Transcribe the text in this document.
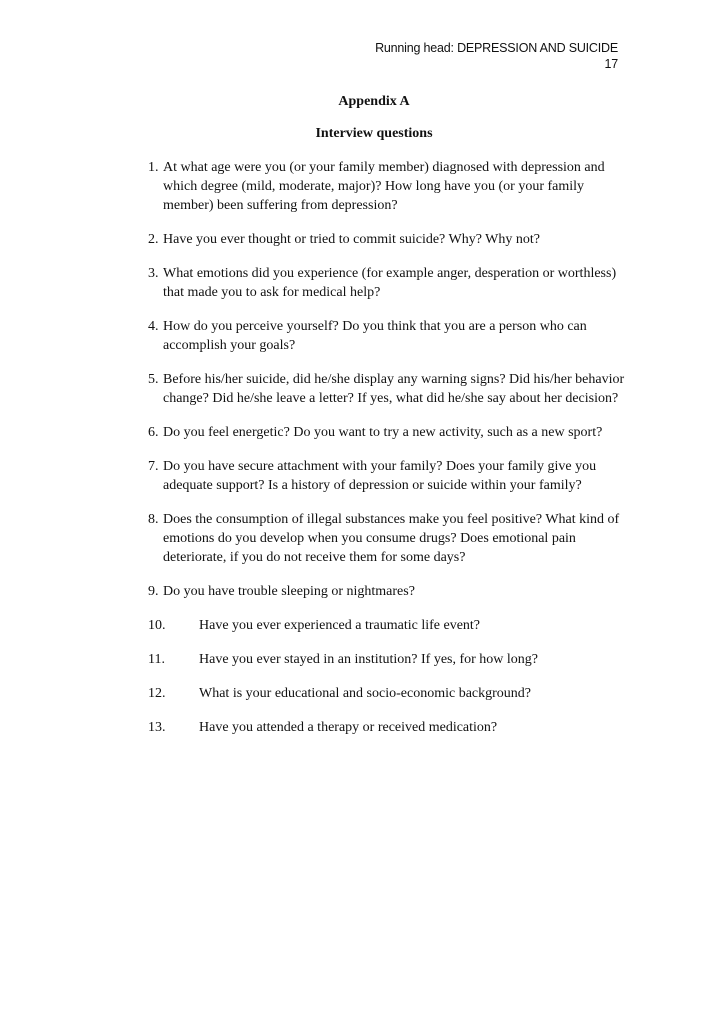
Running head: DEPRESSION AND SUICIDE
17
Appendix A
Interview questions
1. At what age were you (or your family member) diagnosed with depression and which degree (mild, moderate, major)? How long have you (or your family member) been suffering from depression?
2. Have you ever thought or tried to commit suicide? Why? Why not?
3. What emotions did you experience (for example anger, desperation or worthless) that made you to ask for medical help?
4. How do you perceive yourself? Do you think that you are a person who can accomplish your goals?
5. Before his/her suicide, did he/she display any warning signs? Did his/her behavior change? Did he/she leave a letter? If yes, what did he/she say about her decision?
6. Do you feel energetic? Do you want to try a new activity, such as a new sport?
7. Do you have secure attachment with your family? Does your family give you adequate support? Is a history of depression or suicide within your family?
8. Does the consumption of illegal substances make you feel positive? What kind of emotions do you develop when you consume drugs? Does emotional pain deteriorate, if you do not receive them for some days?
9. Do you have trouble sleeping or nightmares?
10.	Have you ever experienced a traumatic life event?
11.	Have you ever stayed in an institution? If yes, for how long?
12.	What is your educational and socio-economic background?
13.	Have you attended a therapy or received medication?
